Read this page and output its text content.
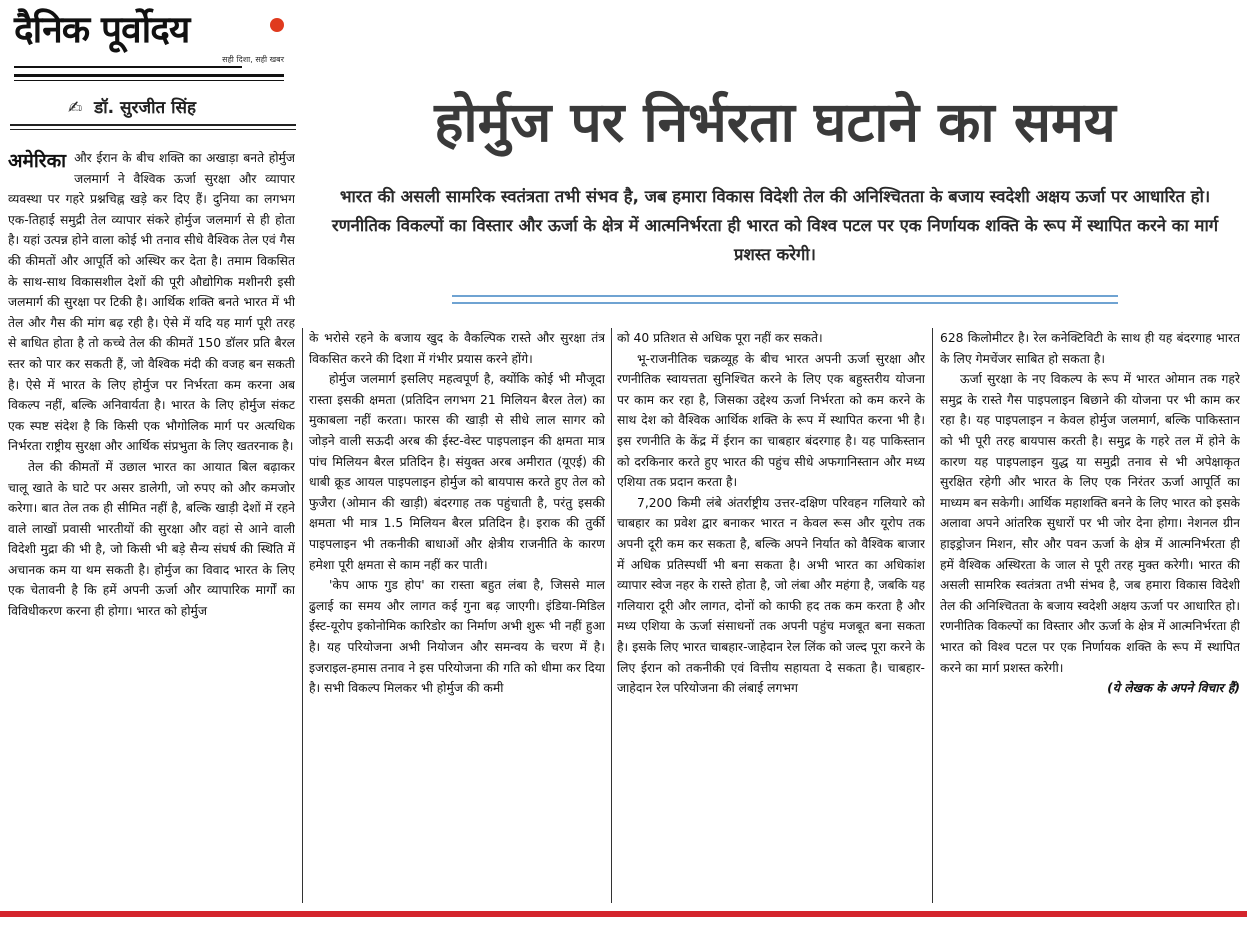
दैनिक पूर्वोदय
सही दिशा, सही खबर
✍ डॉ. सुरजीत सिंह	होर्मुज पर निर्भरता घटाने का समय
भारत की असली सामरिक स्वतंत्रता तभी संभव है, जब हमारा विकास विदेशी तेल की अनिश्चितता के बजाय स्वदेशी अक्षय ऊर्जा पर आधारित हो। रणनीतिक विकल्पों का विस्तार और ऊर्जा के क्षेत्र में आत्मनिर्भरता ही भारत को विश्व पटल पर एक निर्णायक शक्ति के रूप में स्थापित करने का मार्ग प्रशस्त करेगी।
अमेरिका और ईरान के बीच शक्ति का अखाड़ा बनते होर्मुज जलमार्ग ने वैश्विक ऊर्जा सुरक्षा और व्यापार व्यवस्था पर गहरे प्रश्नचिह्न खड़े कर दिए हैं। दुनिया का लगभग एक-तिहाई समुद्री तेल व्यापार संकरे होर्मुज जलमार्ग से ही होता है। यहां उत्पन्न होने वाला कोई भी तनाव सीधे वैश्विक तेल एवं गैस की कीमतों और आपूर्ति को अस्थिर कर देता है। तमाम विकसित के साथ-साथ विकासशील देशों की पूरी औद्योगिक मशीनरी इसी जलमार्ग की सुरक्षा पर टिकी है। आर्थिक शक्ति बनते भारत में भी तेल और गैस की मांग बढ़ रही है। ऐसे में यदि यह मार्ग पूरी तरह से बाधित होता है तो कच्चे तेल की कीमतें 150 डॉलर प्रति बैरल स्तर को पार कर सकती हैं, जो वैश्विक मंदी की वजह बन सकती है। ऐसे में भारत के लिए होर्मुज पर निर्भरता कम करना अब विकल्प नहीं, बल्कि अनिवार्यता है। भारत के लिए होर्मुज संकट एक स्पष्ट संदेश है कि किसी एक भौगोलिक मार्ग पर अत्यधिक निर्भरता राष्ट्रीय सुरक्षा और आर्थिक संप्रभुता के लिए खतरनाक है।

तेल की कीमतों में उछाल भारत का आयात बिल बढ़ाकर चालू खाते के घाटे पर असर डालेगी, जो रुपए को और कमजोर करेगा। बात तेल तक ही सीमित नहीं है, बल्कि खाड़ी देशों में रहने वाले लाखों प्रवासी भारतीयों की सुरक्षा और वहां से आने वाली विदेशी मुद्रा की भी है, जो किसी भी बड़े सैन्य संघर्ष की स्थिति में अचानक कम या थम सकती है। होर्मुज का विवाद भारत के लिए एक चेतावनी है कि हमें अपनी ऊर्जा और व्यापारिक मार्गों का विविधीकरण करना ही होगा। भारत को होर्मुज

के भरोसे रहने के बजाय खुद के वैकल्पिक रास्ते और सुरक्षा तंत्र विकसित करने की दिशा में गंभीर प्रयास करने होंगे।

होर्मुज जलमार्ग इसलिए महत्वपूर्ण है, क्योंकि कोई भी मौजूदा रास्ता इसकी क्षमता (प्रतिदिन लगभग 21 मिलियन बैरल तेल) का मुकाबला नहीं करता। फारस की खाड़ी से सीधे लाल सागर को जोड़ने वाली सऊदी अरब की ईस्ट-वेस्ट पाइपलाइन की क्षमता मात्र पांच मिलियन बैरल प्रतिदिन है। संयुक्त अरब अमीरात (यूएई) की धाबी क्रूड आयल पाइपलाइन होर्मुज को बायपास करते हुए तेल को फुजैरा (ओमान की खाड़ी) बंदरगाह तक पहुंचाती है, परंतु इसकी क्षमता भी मात्र 1.5 मिलियन बैरल प्रतिदिन है। इराक की तुर्की पाइपलाइन भी तकनीकी बाधाओं और क्षेत्रीय राजनीति के कारण हमेशा पूरी क्षमता से काम नहीं कर पाती।

'केप आफ गुड होप' का रास्ता बहुत लंबा है, जिससे माल ढुलाई का समय और लागत कई गुना बढ़ जाएगी। इंडिया-मिडिल ईस्ट-यूरोप इकोनोमिक कारिडोर का निर्माण अभी शुरू भी नहीं हुआ है। यह परियोजना अभी नियोजन और समन्वय के चरण में है। इजराइल-हमास तनाव ने इस परियोजना की गति को धीमा कर दिया है। सभी विकल्प मिलकर भी होर्मुज की कमी

को 40 प्रतिशत से अधिक पूरा नहीं कर सकते।

भू-राजनीतिक चक्रव्यूह के बीच भारत अपनी ऊर्जा सुरक्षा और रणनीतिक स्वायत्तता सुनिश्चित करने के लिए एक बहुस्तरीय योजना पर काम कर रहा है, जिसका उद्देश्य ऊर्जा निर्भरता को कम करने के साथ देश को वैश्विक आर्थिक शक्ति के रूप में स्थापित करना भी है। इस रणनीति के केंद्र में ईरान का चाबहार बंदरगाह है। यह पाकिस्तान को दरकिनार करते हुए भारत की पहुंच सीधे अफगानिस्तान और मध्य एशिया तक प्रदान करता है।

7,200 किमी लंबे अंतर्राष्ट्रीय उत्तर-दक्षिण परिवहन गलियारे को चाबहार का प्रवेश द्वार बनाकर भारत न केवल रूस और यूरोप तक अपनी दूरी कम कर सकता है, बल्कि अपने निर्यात को वैश्विक बाजार में अधिक प्रतिस्पर्धी भी बना सकता है। अभी भारत का अधिकांश व्यापार स्वेज नहर के रास्ते होता है, जो लंबा और महंगा है, जबकि यह गलियारा दूरी और लागत, दोनों को काफी हद तक कम करता है और मध्य एशिया के ऊर्जा संसाधनों तक अपनी पहुंच मजबूत बना सकता है। इसके लिए भारत चाबहार-जाहेदान रेल लिंक को जल्द पूरा करने के लिए ईरान को तकनीकी एवं वित्तीय सहायता दे सकता है। चाबहार-जाहेदान रेल परियोजना की लंबाई लगभग

628 किलोमीटर है। रेल कनेक्टिविटी के साथ ही यह बंदरगाह भारत के लिए गेमचेंजर साबित हो सकता है।

ऊर्जा सुरक्षा के नए विकल्प के रूप में भारत ओमान तक गहरे समुद्र के रास्ते गैस पाइपलाइन बिछाने की योजना पर भी काम कर रहा है। यह पाइपलाइन न केवल होर्मुज जलमार्ग, बल्कि पाकिस्तान को भी पूरी तरह बायपास करती है। समुद्र के गहरे तल में होने के कारण यह पाइपलाइन युद्ध या समुद्री तनाव से भी अपेक्षाकृत सुरक्षित रहेगी और भारत के लिए एक निरंतर ऊर्जा आपूर्ति का माध्यम बन सकेगी। आर्थिक महाशक्ति बनने के लिए भारत को इसके अलावा अपने आंतरिक सुधारों पर भी जोर देना होगा। नेशनल ग्रीन हाइड्रोजन मिशन, सौर और पवन ऊर्जा के क्षेत्र में आत्मनिर्भरता ही हमें वैश्विक अस्थिरता के जाल से पूरी तरह मुक्त करेगी। भारत की असली सामरिक स्वतंत्रता तभी संभव है, जब हमारा विकास विदेशी तेल की अनिश्चितता के बजाय स्वदेशी अक्षय ऊर्जा पर आधारित हो। रणनीतिक विकल्पों का विस्तार और ऊर्जा के क्षेत्र में आत्मनिर्भरता ही भारत को विश्व पटल पर एक निर्णायक शक्ति के रूप में स्थापित करने का मार्ग प्रशस्त करेगी।

(ये लेखक के अपने विचार हैं)
